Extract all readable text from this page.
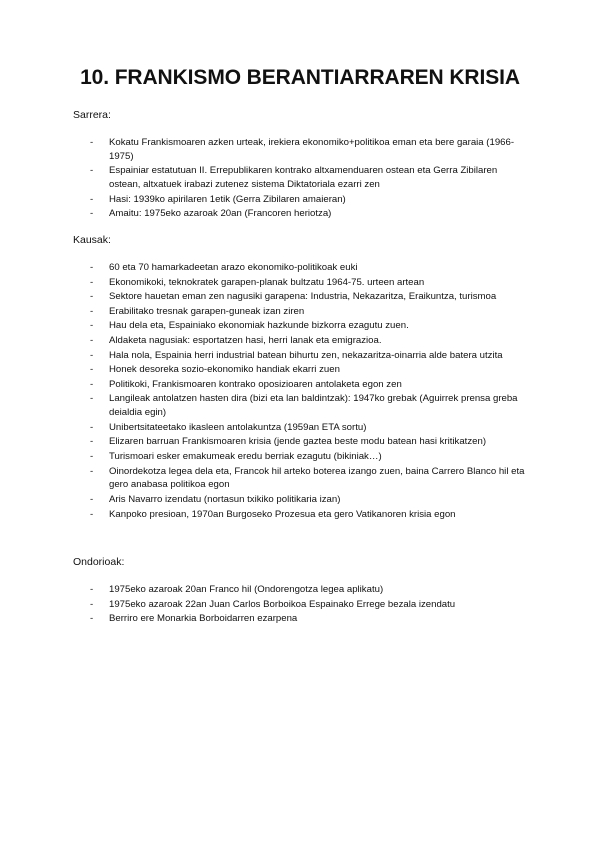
10. FRANKISMO BERANTIARRAREN KRISIA

Sarrera:

- Kokatu Frankismoaren azken urteak, irekiera ekonomiko+politikoa eman eta bere garaia (1966-1975)
- Espainiar estatutuan II. Errepublikaren kontrako altxamenduaren ostean eta Gerra Zibilaren ostean, altxatuek irabazi zutenez sistema Diktatoriala ezarri zen
- Hasi: 1939ko apirilaren 1etik (Gerra Zibilaren amaieran)
- Amaitu: 1975eko azaroak 20an (Francoren heriotza)

Kausak:

- 60 eta 70 hamarkadeetan arazo ekonomiko-politikoak euki
- Ekonomikoki, teknokratek garapen-planak bultzatu 1964-75. urteen artean
- Sektore hauetan eman zen nagusiki garapena: Industria, Nekazaritza, Eraikuntza, turismoa
- Erabilitako tresnak garapen-guneak izan ziren
- Hau dela eta, Espainiako ekonomiak hazkunde bizkorra ezagutu zuen.
- Aldaketa nagusiak: esportatzen hasi, herri lanak eta emigrazioa.
- Hala nola, Espainia herri industrial batean bihurtu zen, nekazaritza-oinarria alde batera utzita
- Honek desoreka sozio-ekonomiko handiak ekarri zuen
- Politikoki, Frankismoaren kontrako oposizioaren antolaketa egon zen
- Langileak antolatzen hasten dira (bizi eta lan baldintzak): 1947ko grebak (Aguirrek prensa greba deialdia egin)
- Unibertsitateetako ikasleen antolakuntza (1959an ETA sortu)
- Elizaren barruan Frankismoaren krisia (jende gaztea beste modu batean hasi kritikatzen)
- Turismoari esker emakumeak eredu berriak ezagutu (bikiniak…)
- Oinordekotza legea dela eta, Francok hil arteko boterea izango zuen, baina Carrero Blanco hil eta gero anabasa politikoa egon
- Aris Navarro izendatu (nortasun txikiko politikaria izan)
- Kanpoko presioan, 1970an Burgoseko Prozesua eta gero Vatikanoren krisia egon

Ondorioak:

- 1975eko azaroak 20an Franco hil (Ondorengotza legea aplikatu)
- 1975eko azaroak 22an Juan Carlos Borboikoa Espainako Errege bezala izendatu
- Berriro ere Monarkia Borboidarren ezarpena
